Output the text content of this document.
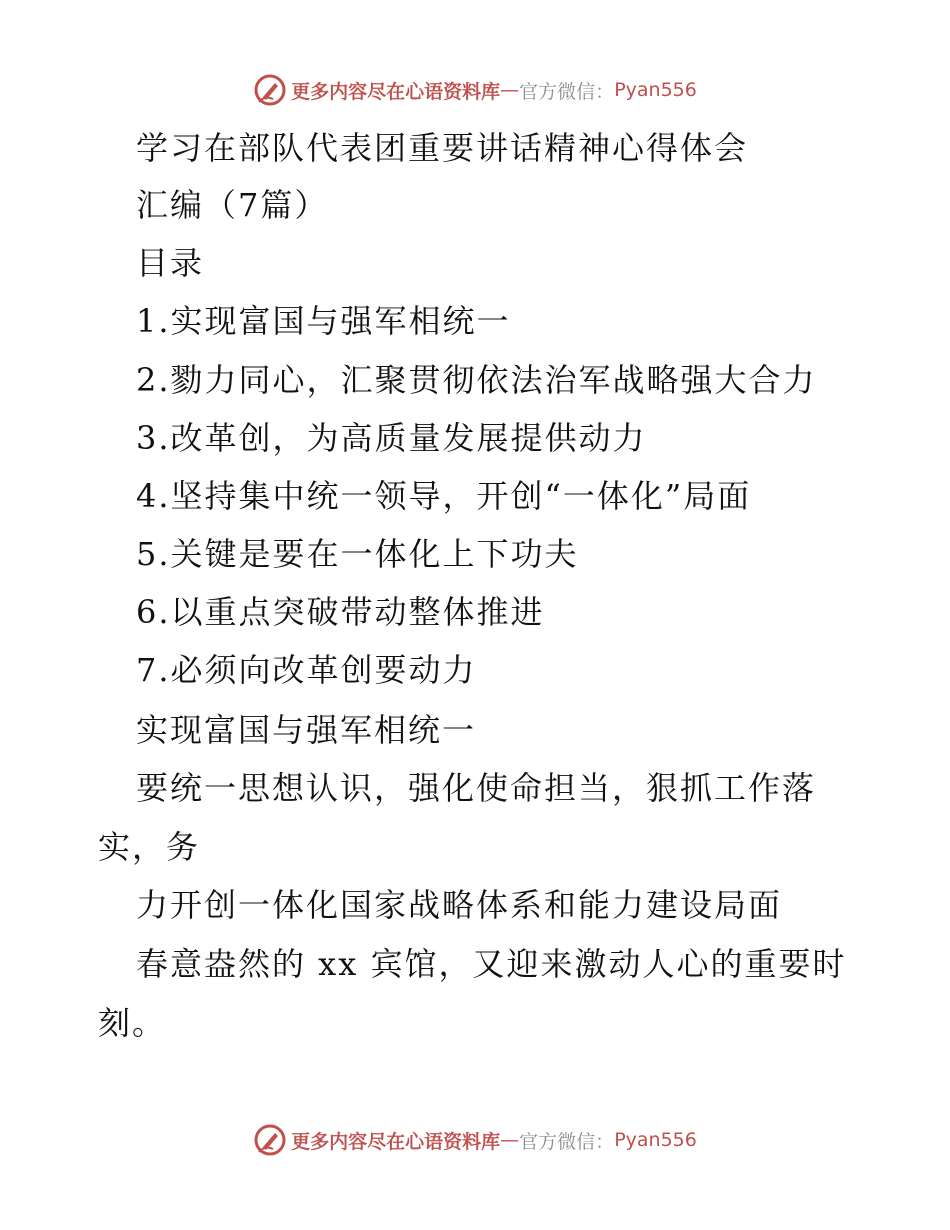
更多内容尽在心语资料库 — 官方微信： Pyan556
学习在部队代表团重要讲话精神心得体会
汇编（7篇）
目录
1.实现富国与强军相统一
2.勠力同心，汇聚贯彻依法治军战略强大合力
3.改革创，为高质量发展提供动力
4.坚持集中统一领导，开创“一体化”局面
5.关键是要在一体化上下功夫
6.以重点突破带动整体推进
7.必须向改革创要动力
实现富国与强军相统一
要统一思想认识，强化使命担当，狠抓工作落
实，务
力开创一体化国家战略体系和能力建设局面
春意盎然的 xx 宾馆，又迎来激动人心的重要时
刻。
更多内容尽在心语资料库 — 官方微信： Pyan556
